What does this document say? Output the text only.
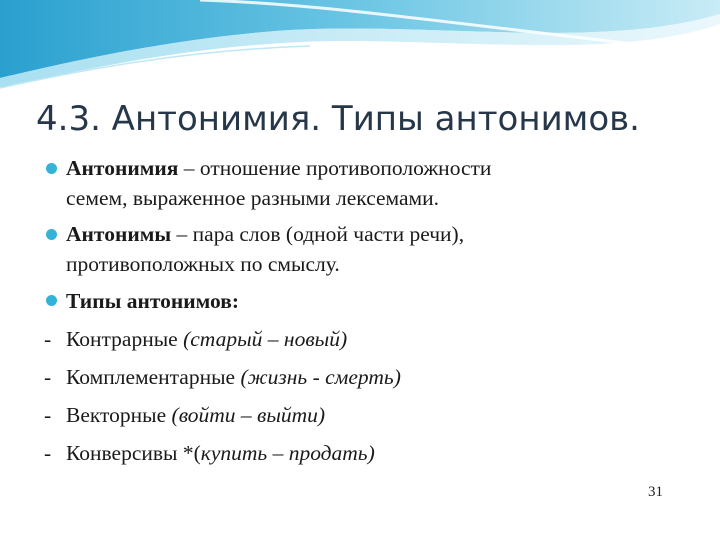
4.3. Антонимия. Типы антонимов.
Антонимия – отношение противоположности
семем, выраженное разными лексемами.
Антонимы – пара слов (одной части речи),
противоположных по смыслу.
Типы антонимов:
- Контрарные (старый – новый)
- Комплементарные (жизнь - смерть)
- Векторные (войти – выйти)
- Конверсивы *(купить – продать)
31
